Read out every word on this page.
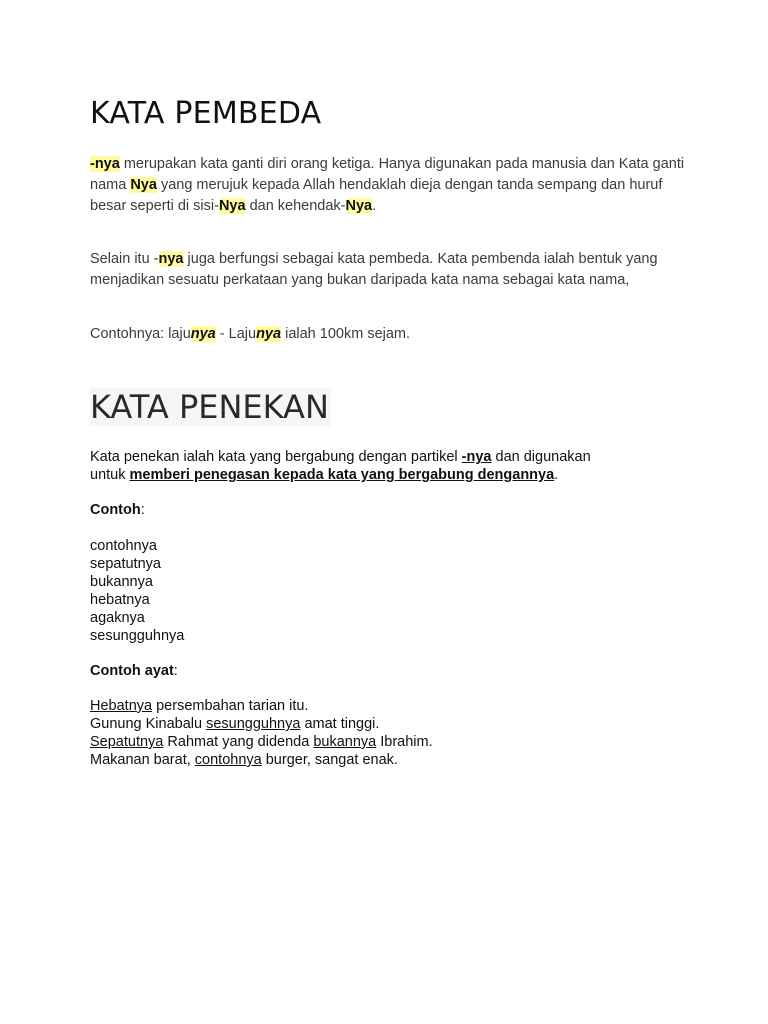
KATA PEMBEDA

-nya merupakan kata ganti diri orang ketiga. Hanya digunakan pada manusia dan Kata ganti nama Nya yang merujuk kepada Allah hendaklah dieja dengan tanda sempang dan huruf besar seperti di sisi-Nya dan kehendak-Nya.

Selain itu -nya juga berfungsi sebagai kata pembeda. Kata pembenda ialah bentuk yang menjadikan sesuatu perkataan yang bukan daripada kata nama sebagai kata nama,

Contohnya: lajunya - Lajunya ialah 100km sejam.

KATA PENEKAN
Kata penekan ialah kata yang bergabung dengan partikel -nya dan digunakan
untuk memberi penegasan kepada kata yang bergabung dengannya.
Contoh:
contohnya
sepatutnya
bukannya
hebatnya
agaknya
sesungguhnya
Contoh ayat:
Hebatnya persembahan tarian itu.
Gunung Kinabalu sesungguhnya amat tinggi.
Sepatutnya Rahmat yang didenda bukannya Ibrahim.
Makanan barat, contohnya burger, sangat enak.
